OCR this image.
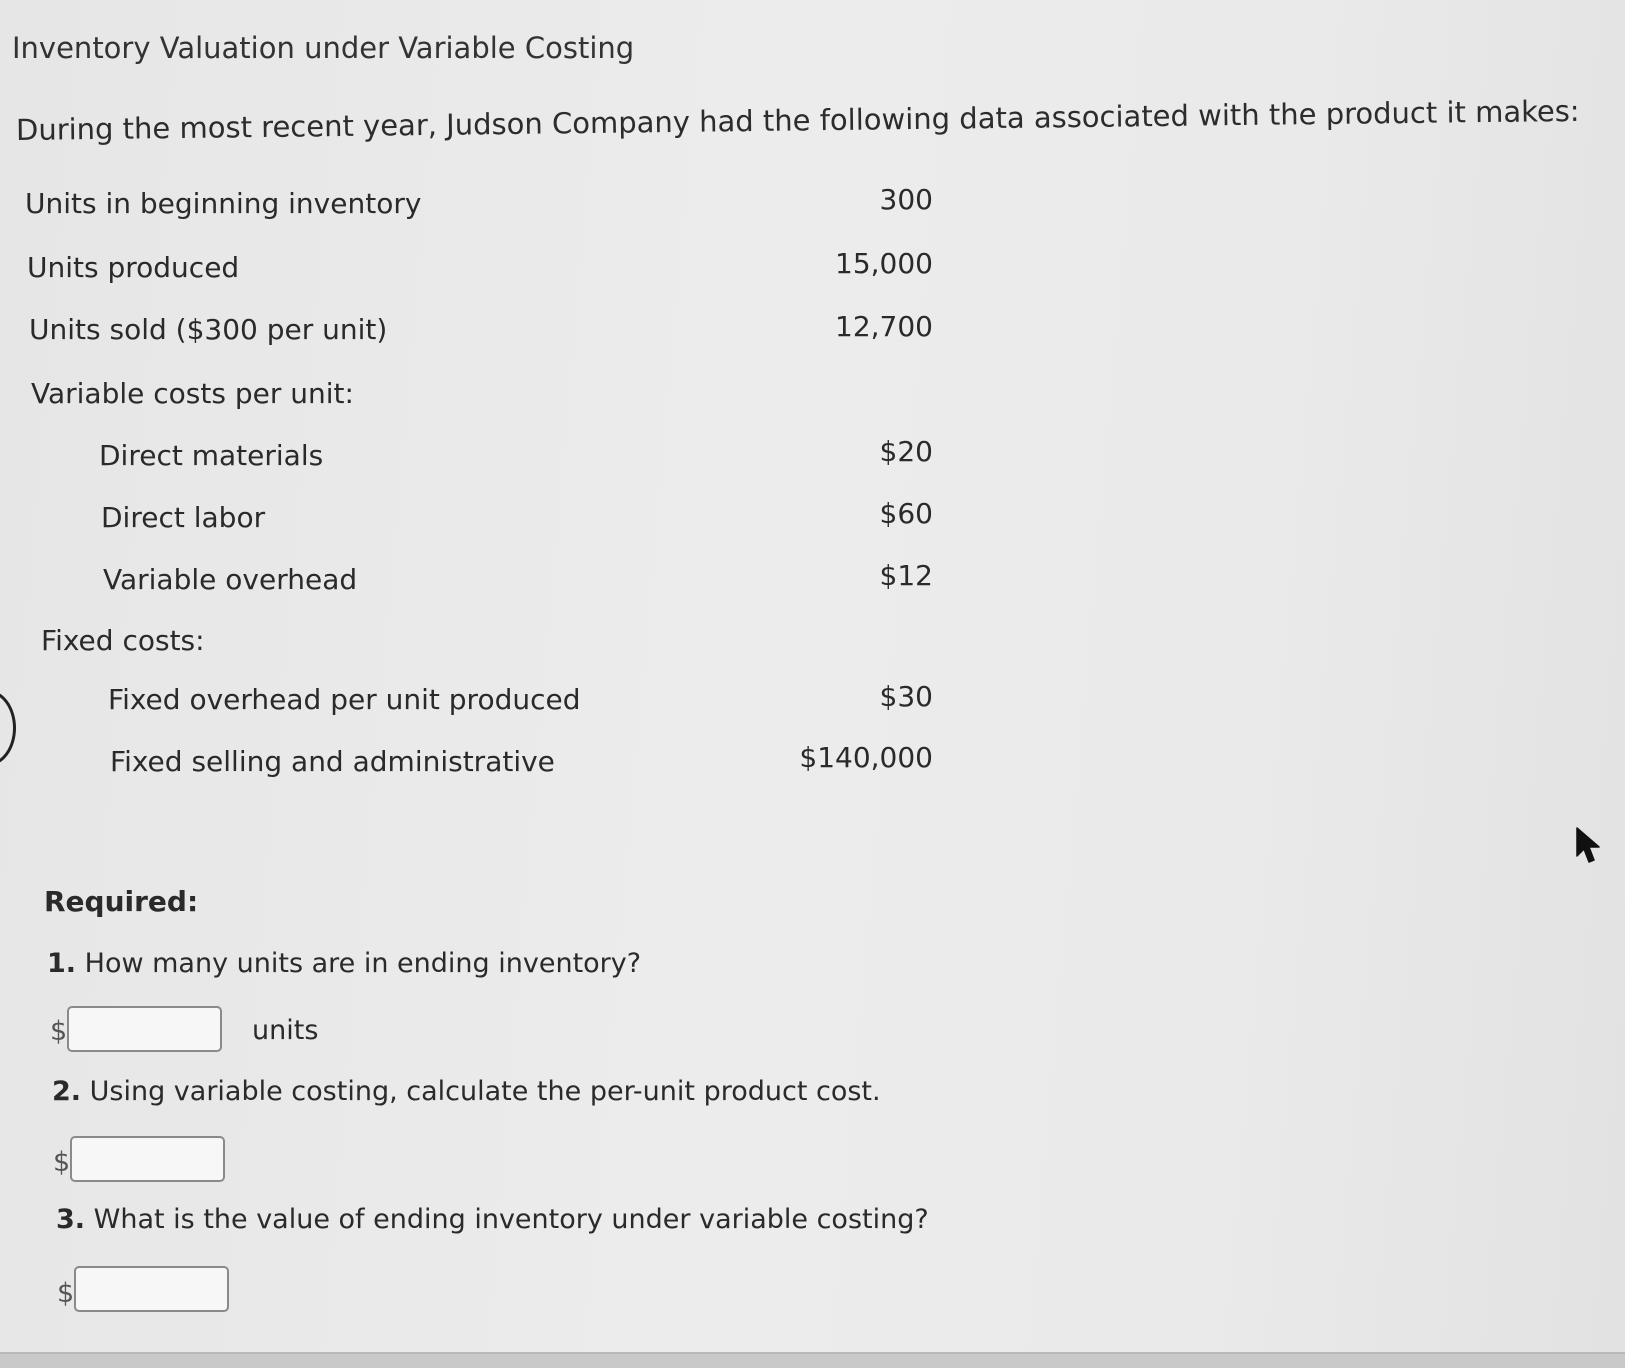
Inventory Valuation under Variable Costing
During the most recent year, Judson Company had the following data associated with the product it makes:
Units in beginning inventory	300
Units produced	15,000
Units sold ($300 per unit)	12,700
Variable costs per unit:
Direct materials	$20
Direct labor	$60
Variable overhead	$12
Fixed costs:
Fixed overhead per unit produced	$30
Fixed selling and administrative	$140,000
Required:
1. How many units are in ending inventory?
$	units
2. Using variable costing, calculate the per-unit product cost.
$
3. What is the value of ending inventory under variable costing?
$
